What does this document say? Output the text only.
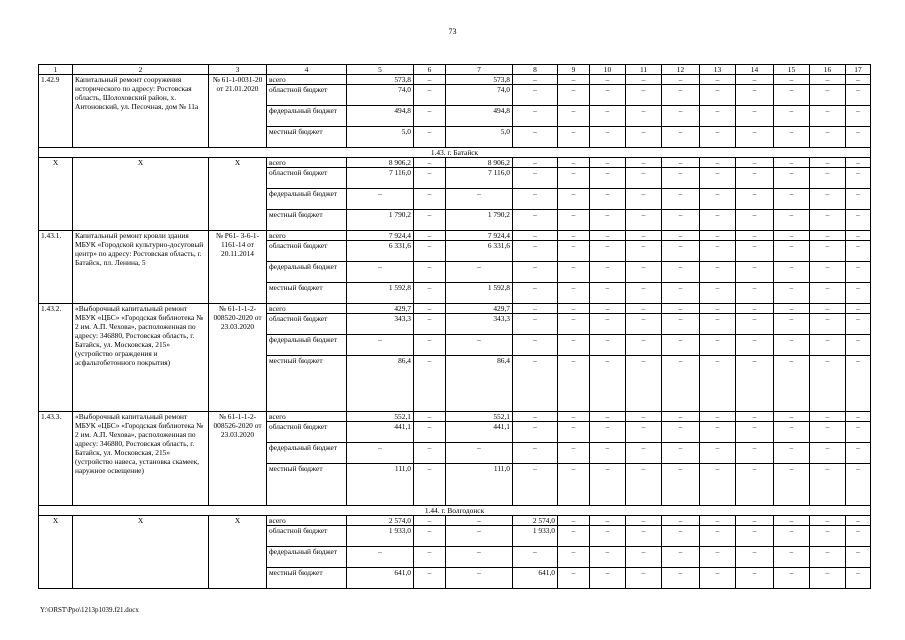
73
1	2	3	4	5	6	7	8	9	10	11	12	13	14	15	16	17
1.42.9	Капитальный ремонт сооружения исторического по адресу: Ростовская область, Шолоховский район, х. Антоновский, ул. Песочная, дом № 11а	№ 61-1-0031-20 от 21.01.2020	всего	573,8	–	573,8	–	–	–	–	–	–	–	–	–	–
			областной бюджет	74,0	–	74,0	–	–	–	–	–	–	–	–	–	–
			федеральный бюджет	494,8	–	494,8	–	–	–	–	–	–	–	–	–	–
			местный бюджет	5,0	–	5,0	–	–	–	–	–	–	–	–	–	–
1.43. г. Батайск																
Х	Х	Х	всего	8 906,2	–	8 906,2	–	–	–	–	–	–	–	–	–	–
			областной бюджет	7 116,0	–	7 116,0	–	–	–	–	–	–	–	–	–	–
			федеральный бюджет	–	–	–	–	–	–	–	–	–	–	–	–	–
			местный бюджет	1 790,2	–	1 790,2	–	–	–	–	–	–	–	–	–	–
1.43.1.	Капитальный ремонт кровли здания МБУК «Городской культурно-досуговый центр» по адресу: Ростовская область, г. Батайск, пл. Ленина, 5	№ Р61- 3-6-1-1161-14 от 20.11.2014	всего	7 924,4	–	7 924,4	–	–	–	–	–	–	–	–	–	–
			областной бюджет	6 331,6	–	6 331,6	–	–	–	–	–	–	–	–	–	–
			федеральный бюджет	–	–	–	–	–	–	–	–	–	–	–	–	–
			местный бюджет	1 592,8	–	1 592,8	–	–	–	–	–	–	–	–	–	–
1.43.2.	«Выборочный капитальный ремонт МБУК «ЦБС» «Городская библиотека № 2 им. А.П. Чехова», расположенная по адресу: 346880, Ростовская область, г. Батайск, ул. Московская, 215» (устройство ограждения и асфальтобетонного покрытия)	№ 61-1-1-2-008520-2020 от 23.03.2020	всего	429,7	–	429,7	–	–	–	–	–	–	–	–	–	–
			областной бюджет	343,3	–	343,3	–	–	–	–	–	–	–	–	–	–
			федеральный бюджет	–	–	–	–	–	–	–	–	–	–	–	–	–
			местный бюджет	86,4	–	86,4	–	–	–	–	–	–	–	–	–	–
1.43.3.	«Выборочный капитальный ремонт МБУК «ЦБС» «Городская библиотека № 2 им. А.П. Чехова», расположенная по адресу: 346880, Ростовская область, г. Батайск, ул. Московская, 215» (устройство навеса, установка скамеек, наружное освещение)	№ 61-1-1-2-008526-2020 от 23.03.2020	всего	552,1	–	552,1	–	–	–	–	–	–	–	–	–	–
			областной бюджет	441,1	–	441,1	–	–	–	–	–	–	–	–	–	–
			федеральный бюджет	–	–	–	–	–	–	–	–	–	–	–	–	–
			местный бюджет	111,0	–	111,0	–	–	–	–	–	–	–	–	–	–
1.44. г. Волгодонск																
Х	Х	Х	всего	2 574,0	–	–	2 574,0	–	–	–	–	–	–	–	–	–
			областной бюджет	1 933,0	–	–	1 933,0	–	–	–	–	–	–	–	–	–
			федеральный бюджет	–	–	–	–	–	–	–	–	–	–	–	–	–
			местный бюджет	641,0	–	–	641,0	–	–	–	–	–	–	–	–	–
Y:\ORST\Ppo\1213p1039.f21.docx
